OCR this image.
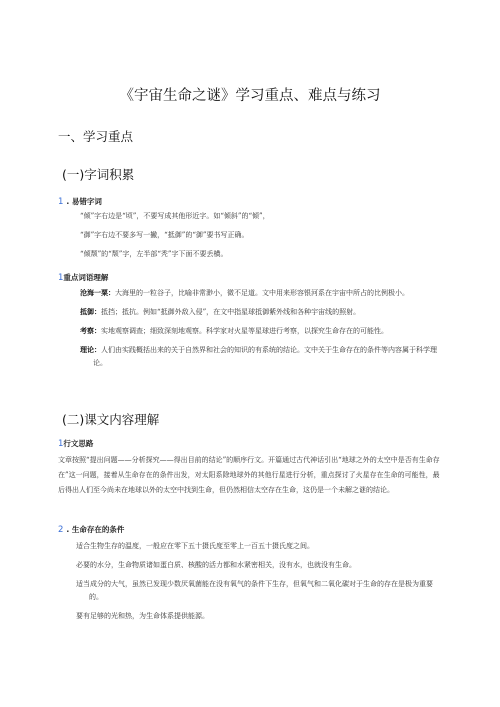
《宇宙生命之谜》学习重点、难点与练习
一、学习重点
(一)字词积累
1 . 易错字词
“倾”字右边是“顷”，不要写成其他形近字。如“倾斜”的“倾”，
“御”字右边不要多写一撇，“抵御”的“御”要书写正确。
“倾颓”的“颓”字，左半部“秃”字下面不要丢横。
1重点词语理解
沧海一粟：大海里的一粒谷子，比喻非常渺小，微不足道。文中用来形容银河系在宇宙中所占的比例极小。
抵御：抵挡；抵抗。例如“抵御外敌入侵”，在文中指星球抵御紫外线和各种宇宙线的照射。
考察：实地观察调查；细致深刻地观察。科学家对火星等星球进行考察，以探究生命存在的可能性。
理论：人们由实践概括出来的关于自然界和社会的知识的有系统的结论。文中关于生命存在的条件等内容属于科学理论。
(二)课文内容理解
1行文思路
文章按照“提出问题——分析探究——得出目前的结论”的顺序行文。开篇通过古代神话引出“地球之外的太空中是否有生命存在”这一问题，接着从生命存在的条件出发，对太阳系除地球外的其他行星进行分析，重点探讨了火星存在生命的可能性，最后得出人们至今尚未在地球以外的太空中找到生命，但仍然相信太空存在生命，这仍是一个未解之谜的结论。
2 . 生命存在的条件
适合生物生存的温度，一般应在零下五十摄氏度至零上一百五十摄氏度之间。
必要的水分，生命物质诸如蛋白质、核酸的活力都和水紧密相关，没有水，也就没有生命。
适当成分的大气，虽然已发现少数厌氧菌能在没有氧气的条件下生存，但氧气和二氧化碳对于生命的存在是极为重要的。
要有足够的光和热，为生命体系提供能源。
